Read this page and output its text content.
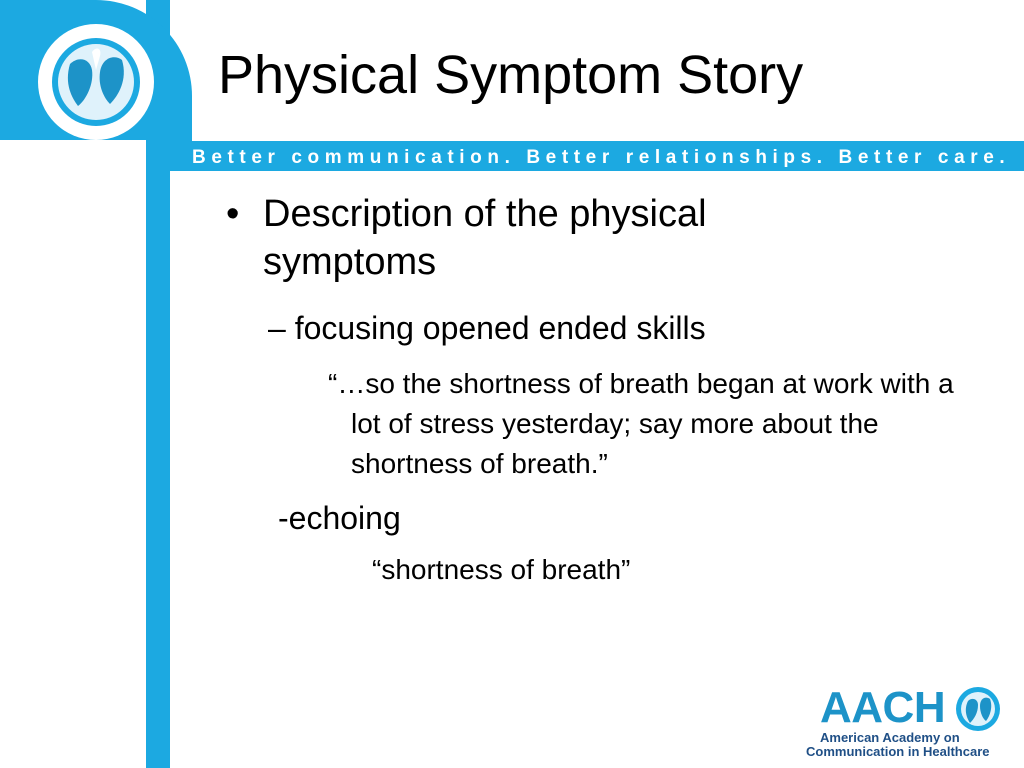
Physical Symptom Story
Better communication. Better relationships. Better care.
• Description of the physical symptoms
– focusing opened ended skills
“…so the shortness of breath began at work with a lot of stress yesterday; say more about the shortness of breath.”
-echoing
“shortness of breath”
AACH
American Academy on
Communication in Healthcare
